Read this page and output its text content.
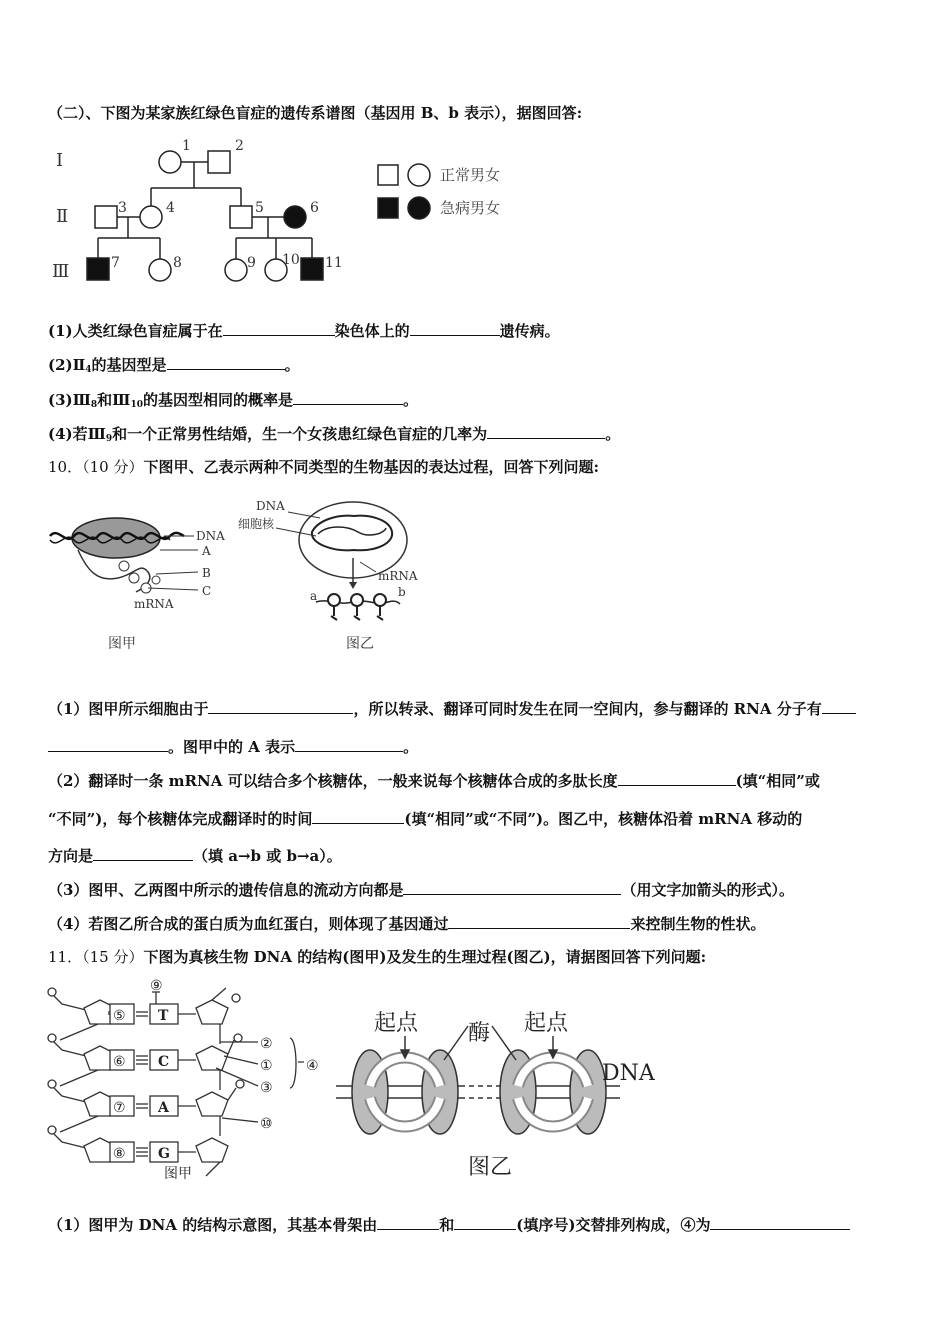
（二）、下图为某家族红绿色盲症的遗传系谱图（基因用 B、b 表示），据图回答:
Ⅰ
Ⅱ
Ⅲ
1	2
3	4	5	6
7	8	9 10 11
正常男女
急病男女
(1)人类红绿色盲症属于在	染色体上的	遗传病。
$(2)Ⅱ_4$的基因型是	。
$(3)Ⅲ_8$和$Ⅲ_{10}$的基因型相同的概率是	。
(4)若$Ⅲ_9$和一个正常男性结婚，生一个女孩患红绿色盲症的几率为	。
10．（10 分）下图甲、乙表示两种不同类型的生物基因的表达过程，回答下列问题:
DNA
A
B
C
mRNA
图甲
DNA
细胞核
mRNA
a	b
图乙
（1）图甲所示细胞由于	，所以转录、翻译可同时发生在同一空间内，参与翻译的 RNA 分子有
。图甲中的 A 表示	。
（2）翻译时一条 mRNA 可以结合多个核糖体，一般来说每个核糖体合成的多肽长度	(填“相同”或
“不同”)，每个核糖体完成翻译时的时间	(填“相同”或“不同”)。图乙中，核糖体沿着 mRNA 移动的
方向是	（填 a→b 或 b→a）。
（3）图甲、乙两图中所示的遗传信息的流动方向都是	（用文字加箭头的形式）。
（4）若图乙所合成的蛋白质为血红蛋白，则体现了基因通过	来控制生物的性状。
11．（15 分）下图为真核生物 DNA 的结构(图甲)及发生的生理过程(图乙)，请据图回答下列问题:
⑤
⑥
⑦
⑧
T
C
A
G
②
①
③
④
⑨
⑩
图甲
起点 酶 起点
DNA
图乙
（1）图甲为 DNA 的结构示意图，其基本骨架由	和	(填序号)交替排列构成，④为
